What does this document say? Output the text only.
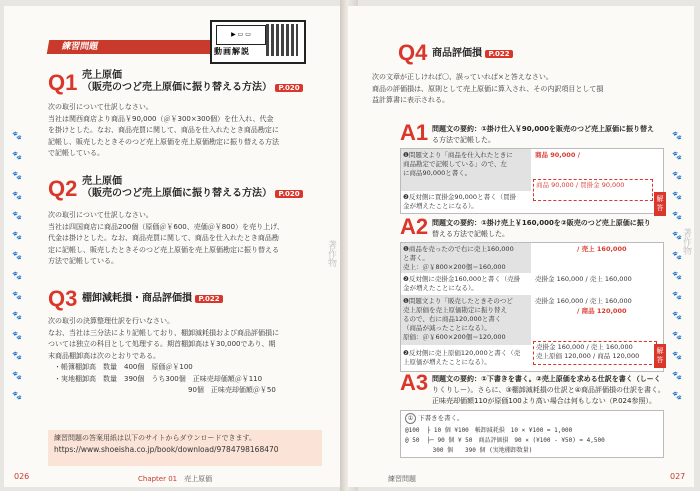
🐾
🐾
🐾
🐾
🐾
🐾
🐾
🐾
🐾
🐾
🐾
🐾
🐾
🐾
練習問題
▶ ▭ ▭
動画解説
Q1 売上原価
（販売のつど売上原価に振り替える方法） P.020
次の取引について仕訳しなさい。
当社は関西商店より商品￥90,000（＠￥300×300個）を仕入れ、代金
を掛けとした。なお、商品売買に関して、商品を仕入れたとき商品勘定に
記帳し、販売したときそのつど売上原価を売上原価勘定に振り替える方法
で記帳している。
Q2 売上原価
（販売のつど売上原価に振り替える方法） P.020
次の取引について仕訳しなさい。
当社は四国商店に商品200個（原価＠￥600、売価＠￥800）を売り上げ、
代金は掛けとした。なお、商品売買に関して、商品を仕入れたとき商品勘
定に記帳し、販売したときそのつど売上原価を売上原価勘定に振り替える
方法で記帳している。
Q3 棚卸減耗損・商品評価損 P.022
次の取引の決算整理仕訳を行いなさい。
なお、当社は三分法により記帳しており、棚卸減耗損および商品評価損に
ついては独立の科目として処理する。期首棚卸高は￥30,000であり、期
末商品棚卸高は次のとおりである。
・帳簿棚卸高　数量　400個　原価＠￥100
・実地棚卸高　数量　390個　うち300個　正味売却価額＠￥110
90個　正味売却価額＠￥50
練習問題の答案用紙は以下のサイトからダウンロードできます。
https://www.shoeisha.co.jp/book/download/9784798168470
026	Chapter 01　 売上原価
著作物
🐾
🐾
🐾
🐾
🐾
🐾
🐾
🐾
🐾
🐾
🐾
🐾
🐾
🐾
著作物
Q4 商品評価損 P.022
次の文章が正しければ〇、誤っていれば×と答えなさい。
商品の評価損は、原則として売上原価に算入され、その内訳項目として損
益計算書に表示される。
A1 問題文の要約：①掛け仕入￥90,000を販売のつど売上原価に振り替え
る方法で記帳した。
❶問題文より「商品を仕入れたときに
商品勘定で記帳している」ので、左
に商品90,000と書く。
商品 90,000 /
❷反対側に買掛金90,000と書く（買掛
金が増えたことになる）。
商品 90,000 / 買掛金 90,000
解答
A2 問題文の要約：①掛け売上￥160,000を②販売のつど売上原価に振り
替える方法で記帳した。
❶商品を売ったので右に売上160,000
と書く。
売上：＠￥800×200個＝160,000
/ 売上 160,000
❷反対側に売掛金160,000と書く（売掛
金が増えたことになる）。
売掛金 160,000 / 売上 160,000
❶問題文より「販売したときそのつど
売上原価を売上原価勘定に振り替え
るので、右に商品120,000と書く
（商品が減ったことになる）。
原価：＠￥600×200個＝120,000
売掛金 160,000 / 売上 160,000
/ 商品 120,000
❷反対側に売上原価120,000と書く（売
上原価が増えたことになる）。
売掛金 160,000 / 売上 160,000
売上原価 120,000 / 商品 120,000
解答
A3 問題文の要約：①下書きを書く。②売上原価を求める仕訳を書く（しーく
りくりしー）。さらに、③棚卸減耗損の仕訳と④商品評価損の仕訳を書く。
正味売却価額110が原価100より高い場合は何もしない（P.024参照）。
① 下書きを書く。
@100  ├ 10 個 ¥100　帳卸減耗損　10 × ¥100 = 1,000
@ 50  ├─ 90 個 ¥ 50　商品評価損　90 × (¥100 - ¥50) = 4,500
　　　　 300 個　　390 個 (実地棚卸数量)
練習問題	027
